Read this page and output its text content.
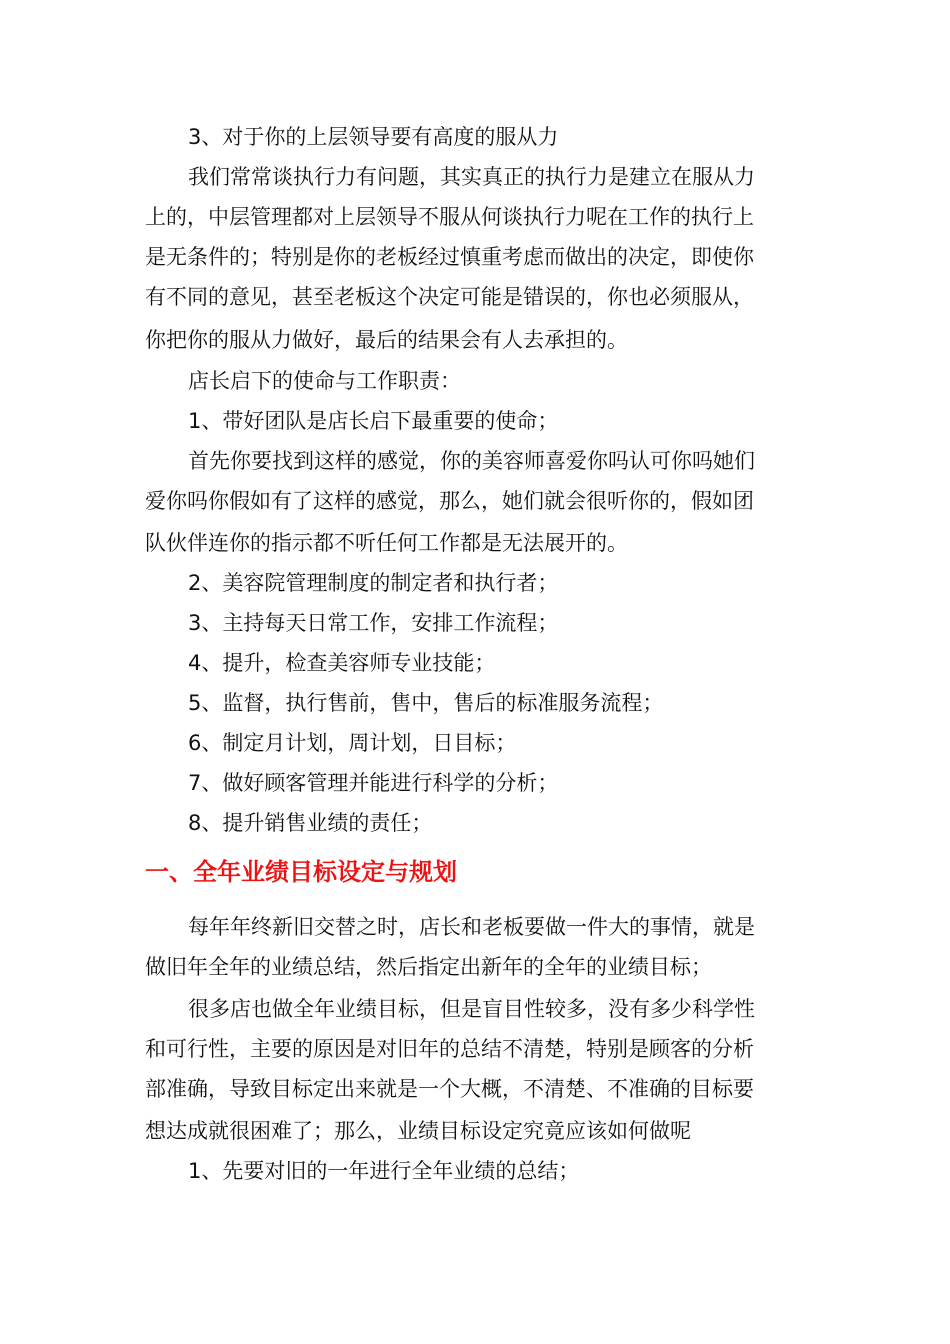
3、对于你的上层领导要有高度的服从力
我们常常谈执行力有问题，其实真正的执行力是建立在服从力
上的，中层管理都对上层领导不服从何谈执行力呢在工作的执行上
是无条件的；特别是你的老板经过慎重考虑而做出的决定，即使你
有不同的意见，甚至老板这个决定可能是错误的，你也必须服从，
你把你的服从力做好，最后的结果会有人去承担的。
店长启下的使命与工作职责：
1、带好团队是店长启下最重要的使命；
首先你要找到这样的感觉，你的美容师喜爱你吗认可你吗她们
爱你吗你假如有了这样的感觉，那么，她们就会很听你的，假如团
队伙伴连你的指示都不听任何工作都是无法展开的。
2、美容院管理制度的制定者和执行者；
3、主持每天日常工作，安排工作流程；
4、提升，检查美容师专业技能；
5、监督，执行售前，售中，售后的标准服务流程；
6、制定月计划，周计划，日目标；
7、做好顾客管理并能进行科学的分析；
8、提升销售业绩的责任；
一、全年业绩目标设定与规划
每年年终新旧交替之时，店长和老板要做一件大的事情，就是
做旧年全年的业绩总结，然后指定出新年的全年的业绩目标；
很多店也做全年业绩目标，但是盲目性较多，没有多少科学性
和可行性，主要的原因是对旧年的总结不清楚，特别是顾客的分析
部准确，导致目标定出来就是一个大概，不清楚、不准确的目标要
想达成就很困难了；那么，业绩目标设定究竟应该如何做呢
1、先要对旧的一年进行全年业绩的总结；
